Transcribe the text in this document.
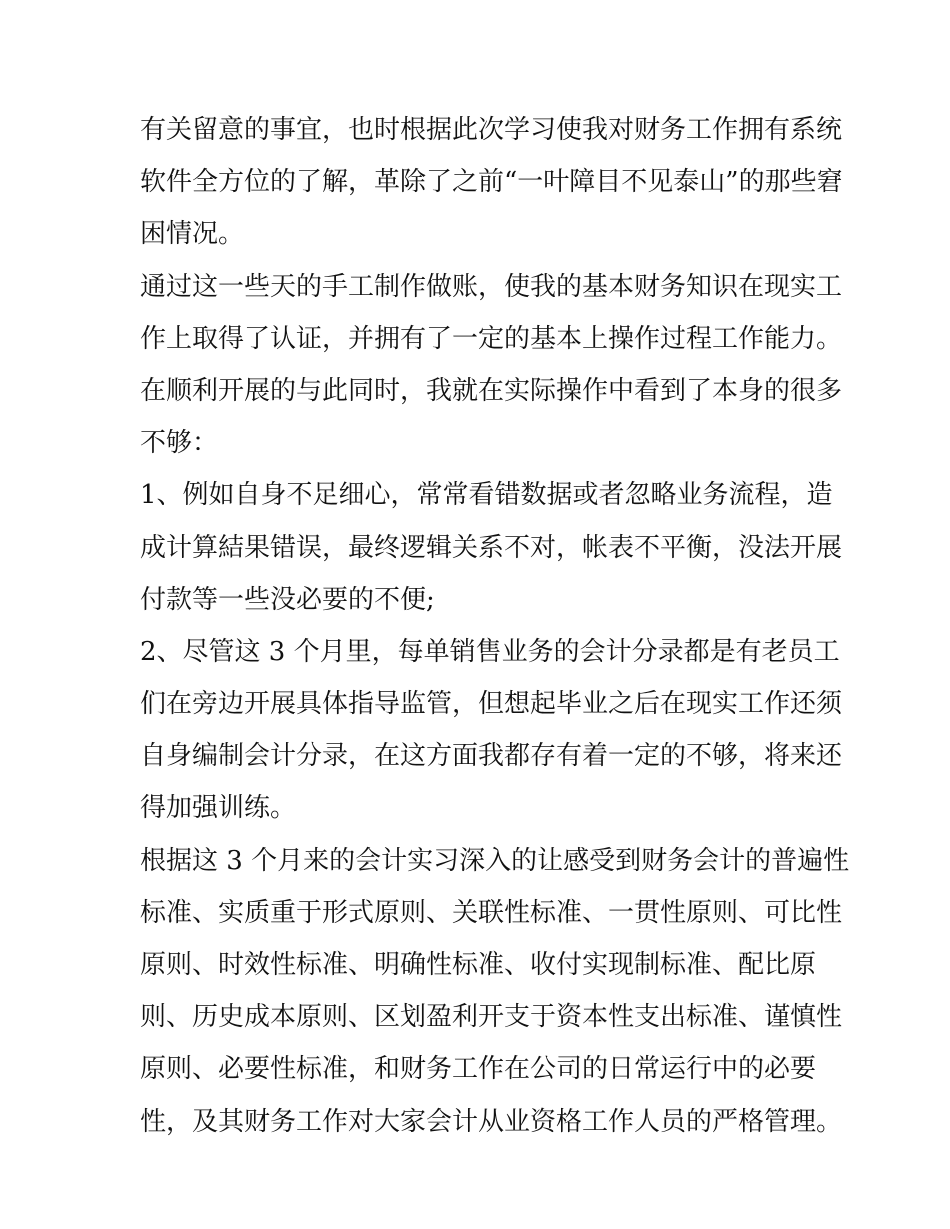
有关留意的事宜，也时根据此次学习使我对财务工作拥有系统
软件全方位的了解，革除了之前“一叶障目不见泰山”的那些窘
困情况。
通过这一些天的手工制作做账，使我的基本财务知识在现实工
作上取得了认证，并拥有了一定的基本上操作过程工作能力。
在顺利开展的与此同时，我就在实际操作中看到了本身的很多
不够：
1、例如自身不足细心，常常看错数据或者忽略业务流程，造
成计算結果错误，最终逻辑关系不对，帐表不平衡，没法开展
付款等一些没必要的不便;
2、尽管这 3 个月里，每单销售业务的会计分录都是有老员工
们在旁边开展具体指导监管，但想起毕业之后在现实工作还须
自身编制会计分录，在这方面我都存有着一定的不够，将来还
得加强训练。
根据这 3 个月来的会计实习深入的让感受到财务会计的普遍性
标准、实质重于形式原则、关联性标准、一贯性原则、可比性
原则、时效性标准、明确性标准、收付实现制标准、配比原
则、历史成本原则、区划盈利开支于资本性支出标准、谨慎性
原则、必要性标准，和财务工作在公司的日常运行中的必要
性，及其财务工作对大家会计从业资格工作人员的严格管理。
